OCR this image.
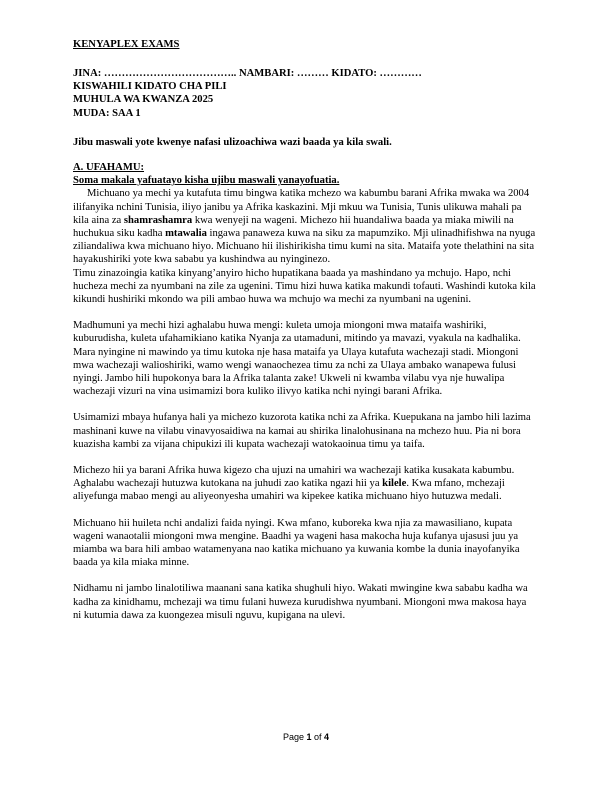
KENYAPLEX EXAMS

JINA: ……………………………….. NAMBARI: ……… KIDATO: …………

KISWAHILI KIDATO CHA PILI

MUHULA WA KWANZA 2025

MUDA: SAA 1

Jibu maswali yote kwenye nafasi ulizoachiwa wazi baada ya kila swali.

A. UFAHAMU:

Soma makala yafuatayo kisha ujibu maswali yanayofuatia.

Michuano ya mechi ya kutafuta timu bingwa katika mchezo wa kabumbu barani Afrika mwaka wa 2004 ilifanyika nchini Tunisia, iliyo janibu ya Afrika kaskazini. Mji mkuu wa Tunisia, Tunis ulikuwa mahali pa kila aina za shamrashamra kwa wenyeji na wageni. Michezo hii huandaliwa baada ya miaka miwili na huchukua siku kadha mtawalia ingawa panaweza kuwa na siku za mapumziko. Mji ulinadhifishwa na nyuga ziliandaliwa kwa michuano hiyo. Michuano hii ilishirikisha timu kumi na sita. Mataifa yote thelathini na sita hayakushiriki yote kwa sababu ya kushindwa au nyinginezo.

Timu zinazoingia katika kinyang’anyiro hicho hupatikana baada ya mashindano ya mchujo. Hapo, nchi hucheza mechi za nyumbani na zile za ugenini. Timu hizi huwa katika makundi tofauti. Washindi kutoka kila kikundi hushiriki mkondo wa pili ambao huwa wa mchujo wa mechi za nyumbani na ugenini.

Madhumuni ya mechi hizi aghalabu huwa mengi: kuleta umoja miongoni mwa mataifa washiriki, kuburudisha, kuleta ufahamikiano katika Nyanja za utamaduni, mitindo ya mavazi, vyakula na kadhalika. Mara nyingine ni mawindo ya timu kutoka nje hasa mataifa ya Ulaya kutafuta wachezaji stadi. Miongoni mwa wachezaji walioshiriki, wamo wengi wanaochezea timu za nchi za Ulaya ambako wanapewa fulusi nyingi. Jambo hili hupokonya bara la Afrika talanta zake! Ukweli ni kwamba vilabu vya nje huwalipa wachezaji vizuri na vina usimamizi bora kuliko ilivyo katika nchi nyingi barani Afrika.

Usimamizi mbaya hufanya hali ya michezo kuzorota katika nchi za Afrika. Kuepukana na jambo hili lazima mashinani kuwe na vilabu vinavyosaidiwa na kamai au shirika linalohusinana na mchezo huu. Pia ni bora kuazisha kambi za vijana chipukizi ili kupata wachezaji watokaoinua timu ya taifa.

Michezo hii ya barani Afrika huwa kigezo cha ujuzi na umahiri wa wachezaji katika kusakata kabumbu. Aghalabu wachezaji hutuzwa kutokana na juhudi zao katika ngazi hii ya kilele. Kwa mfano, mchezaji aliyefunga mabao mengi au aliyeonyesha umahiri wa kipekee katika michuano hiyo hutuzwa medali.

Michuano hii huileta nchi andalizi faida nyingi. Kwa mfano, kuboreka kwa njia za mawasiliano, kupata wageni wanaotalii miongoni mwa mengine. Baadhi ya wageni hasa makocha huja kufanya ujasusi juu ya miamba wa bara hili ambao watamenyana nao katika michuano ya kuwania kombe la dunia inayofanyika baada ya kila miaka minne.

Nidhamu ni jambo linalotiliwa maanani sana katika shughuli hiyo. Wakati mwingine kwa sababu kadha wa kadha za kinidhamu, mchezaji wa timu fulani huweza kurudishwa nyumbani. Miongoni mwa makosa haya ni kutumia dawa za kuongezea misuli nguvu, kupigana na ulevi.

Page 1 of 4
